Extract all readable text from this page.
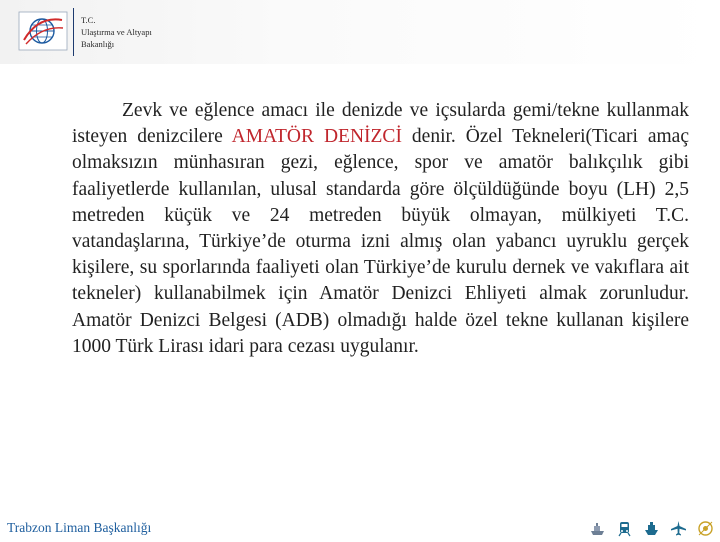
T.C.
Ulaştırma ve Altyapı
Bakanlığı
Zevk ve eğlence amacı ile denizde ve içsularda gemi/tekne kullanmak isteyen denizcilere AMATÖR DENİZCİ denir. Özel Tekneleri(Ticari amaç olmaksızın münhasıran gezi, eğlence, spor ve amatör balıkçılık gibi faaliyetlerde kullanılan, ulusal standarda göre ölçüldüğünde boyu (LH) 2,5 metreden küçük ve 24 metreden büyük olmayan, mülkiyeti T.C. vatandaşlarına, Türkiye’de oturma izni almış olan yabancı uyruklu gerçek kişilere, su sporlarında faaliyeti olan Türkiye’de kurulu dernek ve vakıflara ait tekneler) kullanabilmek için Amatör Denizci Ehliyeti almak zorunludur. Amatör Denizci Belgesi (ADB) olmadığı halde özel tekne kullanan kişilere 1000 Türk Lirası idari para cezası uygulanır.
Trabzon Liman Başkanlığı
